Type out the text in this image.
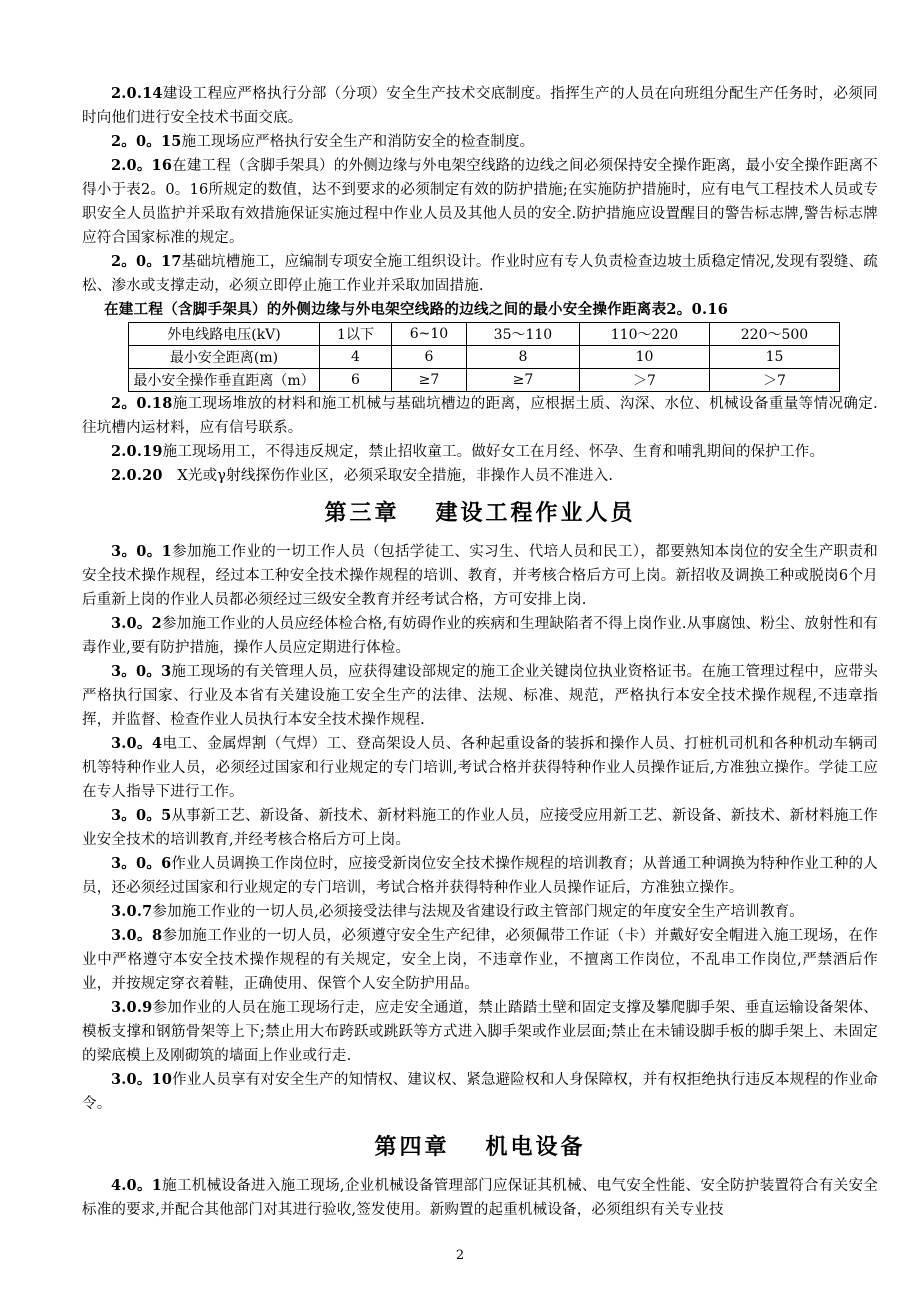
2.0.14建设工程应严格执行分部（分项）安全生产技术交底制度。指挥生产的人员在向班组分配生产任务时，必须同时向他们进行安全技术书面交底。

2。0。15施工现场应严格执行安全生产和消防安全的检查制度。

2.0。16在建工程（含脚手架具）的外侧边缘与外电架空线路的边线之间必须保持安全操作距离，最小安全操作距离不得小于表2。0。16所规定的数值，达不到要求的必须制定有效的防护措施;在实施防护措施时，应有电气工程技术人员或专职安全人员监护并采取有效措施保证实施过程中作业人员及其他人员的安全.防护措施应设置醒目的警告标志牌,警告标志牌应符合国家标准的规定。

2。0。17基础坑槽施工，应编制专项安全施工组织设计。作业时应有专人负责检查边坡土质稳定情况,发现有裂缝、疏松、渗水或支撑走动，必须立即停止施工作业并采取加固措施.

在建工程（含脚手架具）的外侧边缘与外电架空线路的边线之间的最小安全操作距离表2。0.16

外电线路电压(kV)	1以下	6~10	35～110	110～220	220～500
最小安全距离(m)	4	6	8	10	15
最小安全操作垂直距离（m）	6	≥7	≥7	＞7	＞7

2。0.18施工现场堆放的材料和施工机械与基础坑槽边的距离，应根据土质、沟深、水位、机械设备重量等情况确定.往坑槽内运材料，应有信号联系。

2.0.19施工现场用工，不得违反规定，禁止招收童工。做好女工在月经、怀孕、生育和哺乳期间的保护工作。

2.0.20　X光或γ射线探伤作业区，必须采取安全措施，非操作人员不准进入.

第三章 建设工程作业人员

3。0。1参加施工作业的一切工作人员（包括学徒工、实习生、代培人员和民工），都要熟知本岗位的安全生产职责和安全技术操作规程，经过本工种安全技术操作规程的培训、教育，并考核合格后方可上岗。新招收及调换工种或脱岗6个月后重新上岗的作业人员都必须经过三级安全教育并经考试合格，方可安排上岗.

3.0。2参加施工作业的人员应经体检合格,有妨碍作业的疾病和生理缺陷者不得上岗作业.从事腐蚀、粉尘、放射性和有毒作业,要有防护措施，操作人员应定期进行体检。

3。0。3施工现场的有关管理人员，应获得建设部规定的施工企业关键岗位执业资格证书。在施工管理过程中，应带头严格执行国家、行业及本省有关建设施工安全生产的法律、法规、标准、规范，严格执行本安全技术操作规程,不违章指挥，并监督、检查作业人员执行本安全技术操作规程.

3.0。4电工、金属焊割（气焊）工、登高架设人员、各种起重设备的装拆和操作人员、打桩机司机和各种机动车辆司机等特种作业人员，必须经过国家和行业规定的专门培训,考试合格并获得特种作业人员操作证后,方准独立操作。学徒工应在专人指导下进行工作。

3。0。5从事新工艺、新设备、新技术、新材料施工的作业人员，应接受应用新工艺、新设备、新技术、新材料施工作业安全技术的培训教育,并经考核合格后方可上岗。

3。0。6作业人员调换工作岗位时，应接受新岗位安全技术操作规程的培训教育；从普通工种调换为特种作业工种的人员，还必须经过国家和行业规定的专门培训，考试合格并获得特种作业人员操作证后，方准独立操作。

3.0.7参加施工作业的一切人员,必须接受法律与法规及省建设行政主管部门规定的年度安全生产培训教育。

3.0。8参加施工作业的一切人员，必须遵守安全生产纪律，必须佩带工作证（卡）并戴好安全帽进入施工现场，在作业中严格遵守本安全技术操作规程的有关规定，安全上岗，不违章作业，不擅离工作岗位，不乱串工作岗位,严禁酒后作业，并按规定穿衣着鞋，正确使用、保管个人安全防护用品。

3.0.9参加作业的人员在施工现场行走，应走安全通道，禁止踏踏土壁和固定支撑及攀爬脚手架、垂直运输设备架体、模板支撑和钢筋骨架等上下;禁止用大布跨跃或跳跃等方式进入脚手架或作业层面;禁止在未铺设脚手板的脚手架上、未固定的梁底模上及刚砌筑的墙面上作业或行走.

3.0。10作业人员享有对安全生产的知情权、建议权、紧急避险权和人身保障权，并有权拒绝执行违反本规程的作业命令。

第四章 机电设备

4.0。1施工机械设备进入施工现场,企业机械设备管理部门应保证其机械、电气安全性能、安全防护装置符合有关安全标准的要求,并配合其他部门对其进行验收,签发使用。新购置的起重机械设备，必须组织有关专业技

2
